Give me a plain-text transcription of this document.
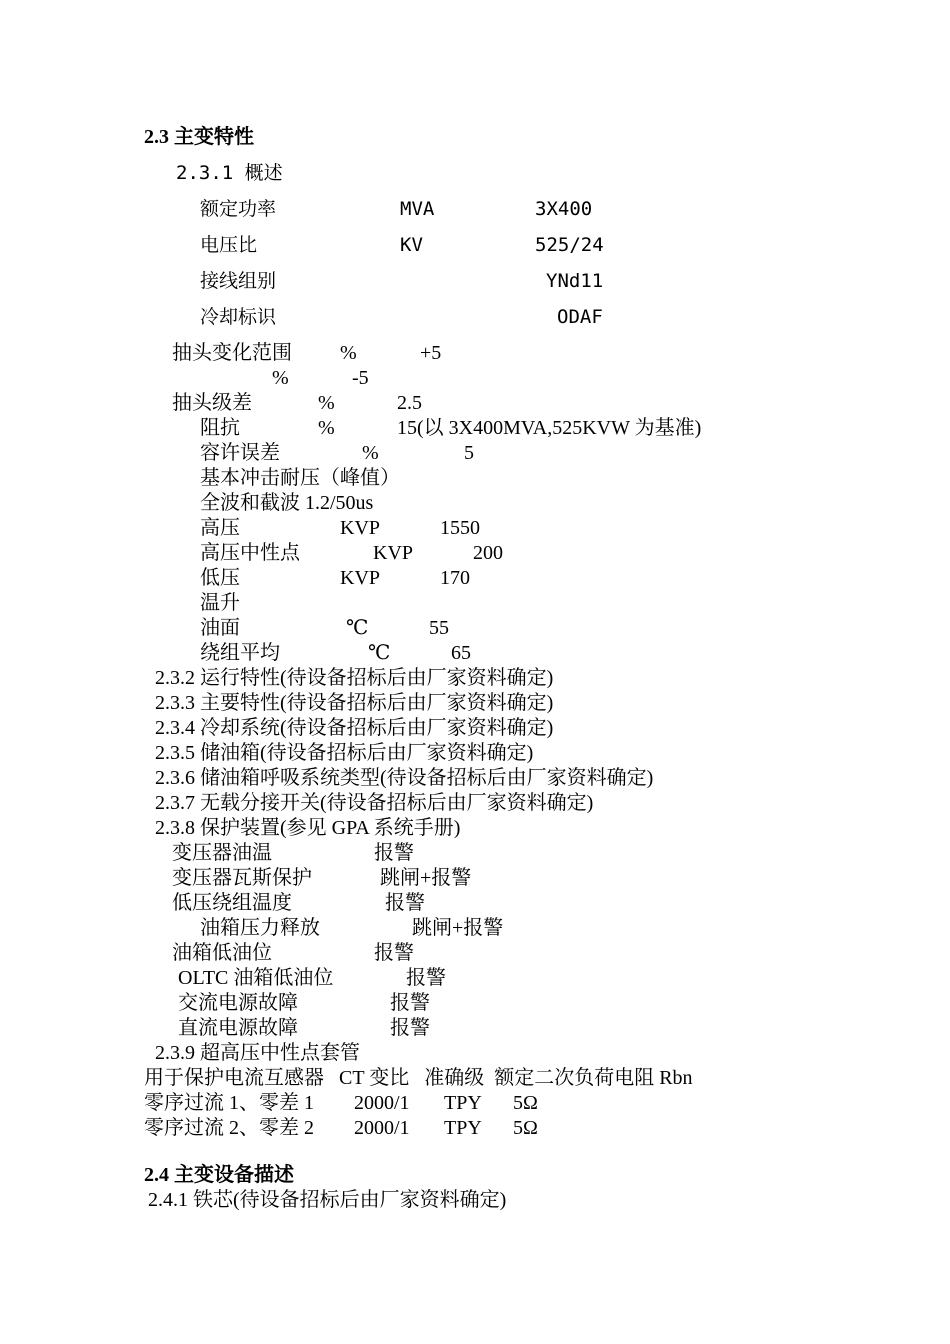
2.3 主变特性
2.3.1 概述
额定功率	MVA	3X400
电压比	KV	525/24
接线组别	YNd11
冷却标识	ODAF
抽头变化范围 %	+5
%	-5
抽头级差	%	2.5
阻抗	%	15(以 3X400MVA,525KVW 为基准)
容许误差	%	5
基本冲击耐压（峰值）
全波和截波 1.2/50us
高压	KVP	1550
高压中性点	KVP	200
低压	KVP	170
温升
油面	℃	55
绕组平均	℃	65
2.3.2 运行特性(待设备招标后由厂家资料确定)
2.3.3 主要特性(待设备招标后由厂家资料确定)
2.3.4 冷却系统(待设备招标后由厂家资料确定)
2.3.5 储油箱(待设备招标后由厂家资料确定)
2.3.6 储油箱呼吸系统类型(待设备招标后由厂家资料确定)
2.3.7 无载分接开关(待设备招标后由厂家资料确定)
2.3.8 保护装置(参见 GPA 系统手册)
变压器油温	报警
变压器瓦斯保护	跳闸+报警
低压绕组温度	报警
油箱压力释放	跳闸+报警
油箱低油位	报警
OLTC 油箱低油位	报警
交流电源故障	报警
直流电源故障	报警
2.3.9 超高压中性点套管
用于保护电流互感器   CT 变比   准确级  额定二次负荷电阻 Rbn
零序过流 1、零差 1 2000/1 TPY 5Ω
零序过流 2、零差 2 2000/1 TPY 5Ω
2.4 主变设备描述
2.4.1 铁芯(待设备招标后由厂家资料确定)
